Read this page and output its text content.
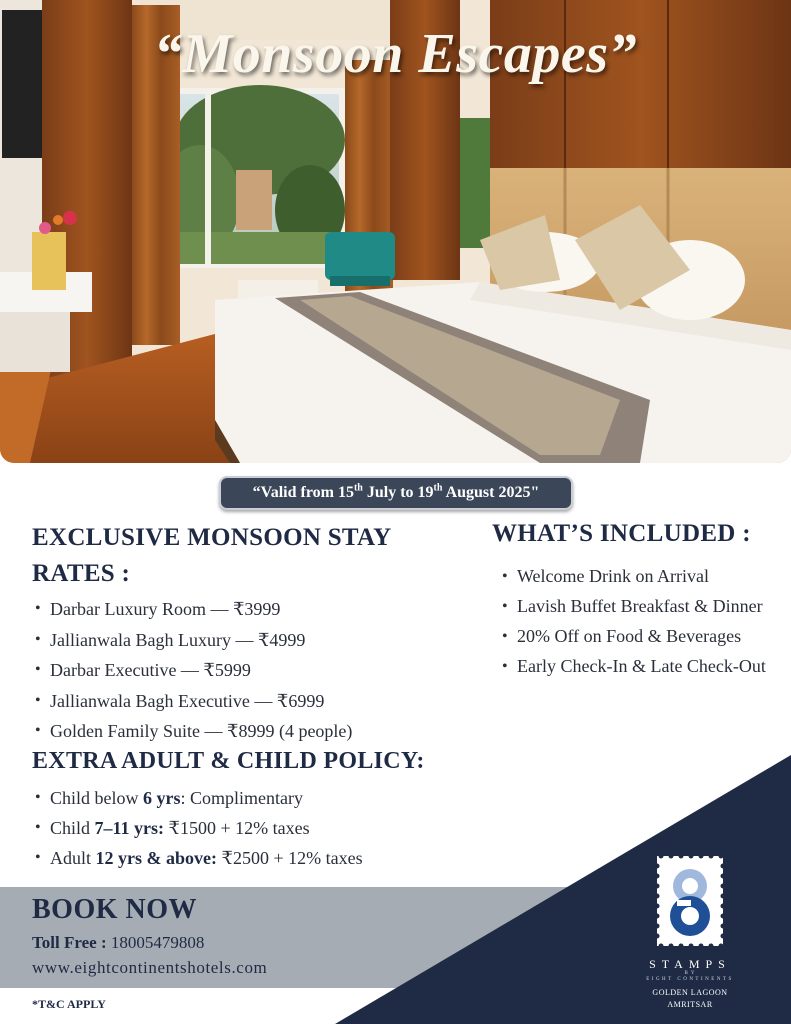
“Monsoon Escapes”
“Valid from 15th July to 19th August 2025"
EXCLUSIVE MONSOON STAY RATES :
• Darbar Luxury Room — ₹3999
• Jallianwala Bagh Luxury — ₹4999
• Darbar Executive — ₹5999
• Jallianwala Bagh Executive — ₹6999
• Golden Family Suite — ₹8999 (4 people)
EXTRA ADULT & CHILD POLICY:
• Child below 6 yrs: Complimentary
• Child 7–11 yrs: ₹1500 + 12% taxes
• Adult 12 yrs & above: ₹2500 + 12% taxes
WHAT’S INCLUDED :
• Welcome Drink on Arrival
• Lavish Buffet Breakfast & Dinner
• 20% Off on Food & Beverages
• Early Check-In & Late Check-Out
BOOK NOW
Toll Free : 18005479808
www.eightcontinentshotels.com
*T&C APPLY
STAMPS
B Y
EIGHT CONTINENTS
GOLDEN LAGOON
AMRITSAR
